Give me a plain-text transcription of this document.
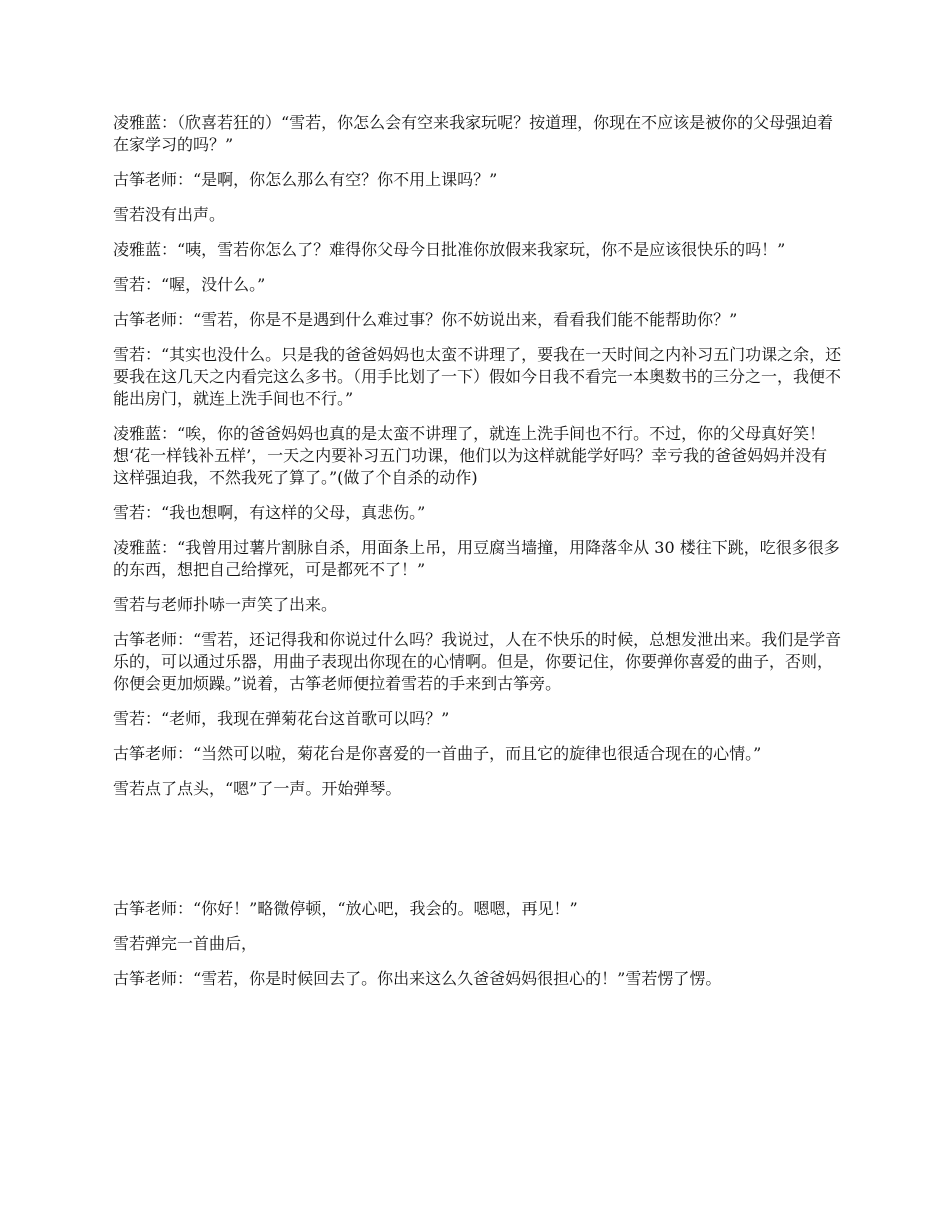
凌雅蓝：（欣喜若狂的）“雪若，你怎么会有空来我家玩呢？按道理，你现在不应该是被你的父母强迫着在家学习的吗？”

古筝老师：“是啊，你怎么那么有空？你不用上课吗？”

雪若没有出声。

凌雅蓝：“咦，雪若你怎么了？难得你父母今日批准你放假来我家玩，你不是应该很快乐的吗！”

雪若：“喔，没什么。”

古筝老师：“雪若，你是不是遇到什么难过事？你不妨说出来，看看我们能不能帮助你？”

雪若：“其实也没什么。只是我的爸爸妈妈也太蛮不讲理了，要我在一天时间之内补习五门功课之余，还要我在这几天之内看完这么多书。（用手比划了一下）假如今日我不看完一本奥数书的三分之一，我便不能出房门，就连上洗手间也不行。”

凌雅蓝：“唉，你的爸爸妈妈也真的是太蛮不讲理了，就连上洗手间也不行。不过，你的父母真好笑！想‘花一样钱补五样’，一天之内要补习五门功课，他们以为这样就能学好吗？幸亏我的爸爸妈妈并没有这样强迫我，不然我死了算了。”(做了个自杀的动作)

雪若：“我也想啊，有这样的父母，真悲伤。”

凌雅蓝：“我曾用过薯片割脉自杀，用面条上吊，用豆腐当墙撞，用降落伞从 30 楼往下跳，吃很多很多的东西，想把自己给撑死，可是都死不了！”

雪若与老师扑哧一声笑了出来。

古筝老师：“雪若，还记得我和你说过什么吗？我说过，人在不快乐的时候，总想发泄出来。我们是学音乐的，可以通过乐器，用曲子表现出你现在的心情啊。但是，你要记住，你要弹你喜爱的曲子，否则，你便会更加烦躁。”说着，古筝老师便拉着雪若的手来到古筝旁。

雪若：“老师，我现在弹菊花台这首歌可以吗？”

古筝老师：“当然可以啦，菊花台是你喜爱的一首曲子，而且它的旋律也很适合现在的心情。”

雪若点了点头，“嗯”了一声。开始弹琴。

古筝老师：“你好！”略微停顿，“放心吧，我会的。嗯嗯，再见！”

雪若弹完一首曲后，

古筝老师：“雪若，你是时候回去了。你出来这么久爸爸妈妈很担心的！”雪若愣了愣。
